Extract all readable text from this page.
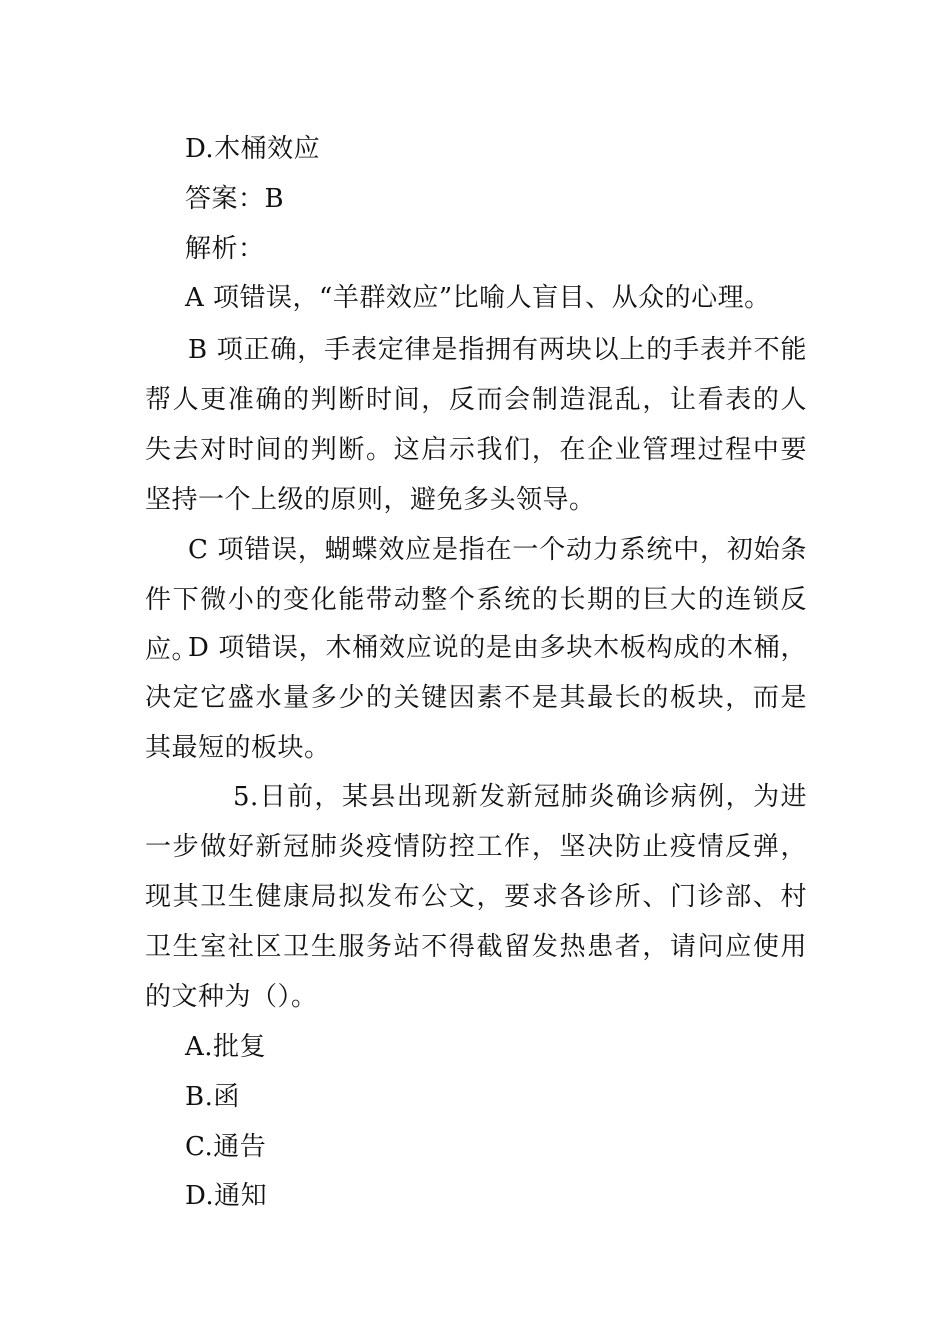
D.木桶效应
答案：B
解析：
A 项错误，“羊群效应”比喻人盲目、从众的心理。
B 项正确，手表定律是指拥有两块以上的手表并不能帮人更准确的判断时间，反而会制造混乱，让看表的人失去对时间的判断。这启示我们，在企业管理过程中要坚持一个上级的原则，避免多头领导。
C 项错误，蝴蝶效应是指在一个动力系统中，初始条件下微小的变化能带动整个系统的长期的巨大的连锁反应。
D 项错误，木桶效应说的是由多块木板构成的木桶，决定它盛水量多少的关键因素不是其最长的板块，而是其最短的板块。
5.日前，某县出现新发新冠肺炎确诊病例，为进一步做好新冠肺炎疫情防控工作，坚决防止疫情反弹，现其卫生健康局拟发布公文，要求各诊所、门诊部、村卫生室社区卫生服务站不得截留发热患者，请问应使用的文种为（）。
A.批复
B.函
C.通告
D.通知
